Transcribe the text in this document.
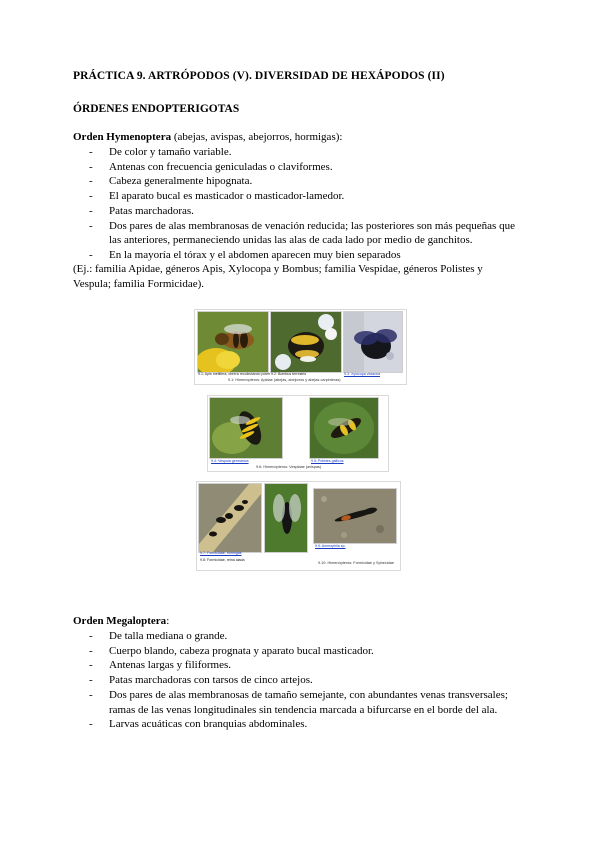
PRÁCTICA 9. ARTRÓPODOS (V). DIVERSIDAD DE HEXÁPODOS (II)
ÓRDENES ENDOPTERIGOTAS
Orden Hymenoptera (abejas, avispas, abejorros, hormigas):
- De color y tamaño variable.
- Antenas con frecuencia geniculadas o claviformes.
- Cabeza generalmente hipognata.
- El aparato bucal es masticador o masticador-lamedor.
- Patas marchadoras.
- Dos pares de alas membranosas de venación reducida; las posteriores son más pequeñas que las anteriores, permaneciendo unidas las alas de cada lado por medio de ganchitos.
- En la mayoría el tórax y el abdomen aparecen muy bien separados
(Ej.: familia Apidae, géneros Apis, Xylocopa y Bombus; familia Vespidae, géneros Polistes y Vespula; familia Formicidae).
9.1: Apis mellifera, obrera recolectando polen 9.2: Bombus terrestris	9.3: Xylocopa violacea
9.1: Himenópteros: Apidae (abejas, abejorros y abejas carpinteras)
9.4: Vespula germanica	9.5: Polistes gallicus
9.6: Himenópteros: Vespidae (avispas)
9.7: Formicidae, hormigas
9.8: Formicidae, reina alada
9.9: Ammophila sp.
9.10: Himenópteros: Formicidae y Sphecidae
Orden Megaloptera:
- De talla mediana o grande.
- Cuerpo blando, cabeza prognata y aparato bucal masticador.
- Antenas largas y filiformes.
- Patas marchadoras con tarsos de cinco artejos.
- Dos pares de alas membranosas de tamaño semejante, con abundantes venas transversales; ramas de las venas longitudinales sin tendencia marcada a bifurcarse en el borde del ala.
- Larvas acuáticas con branquias abdominales.
